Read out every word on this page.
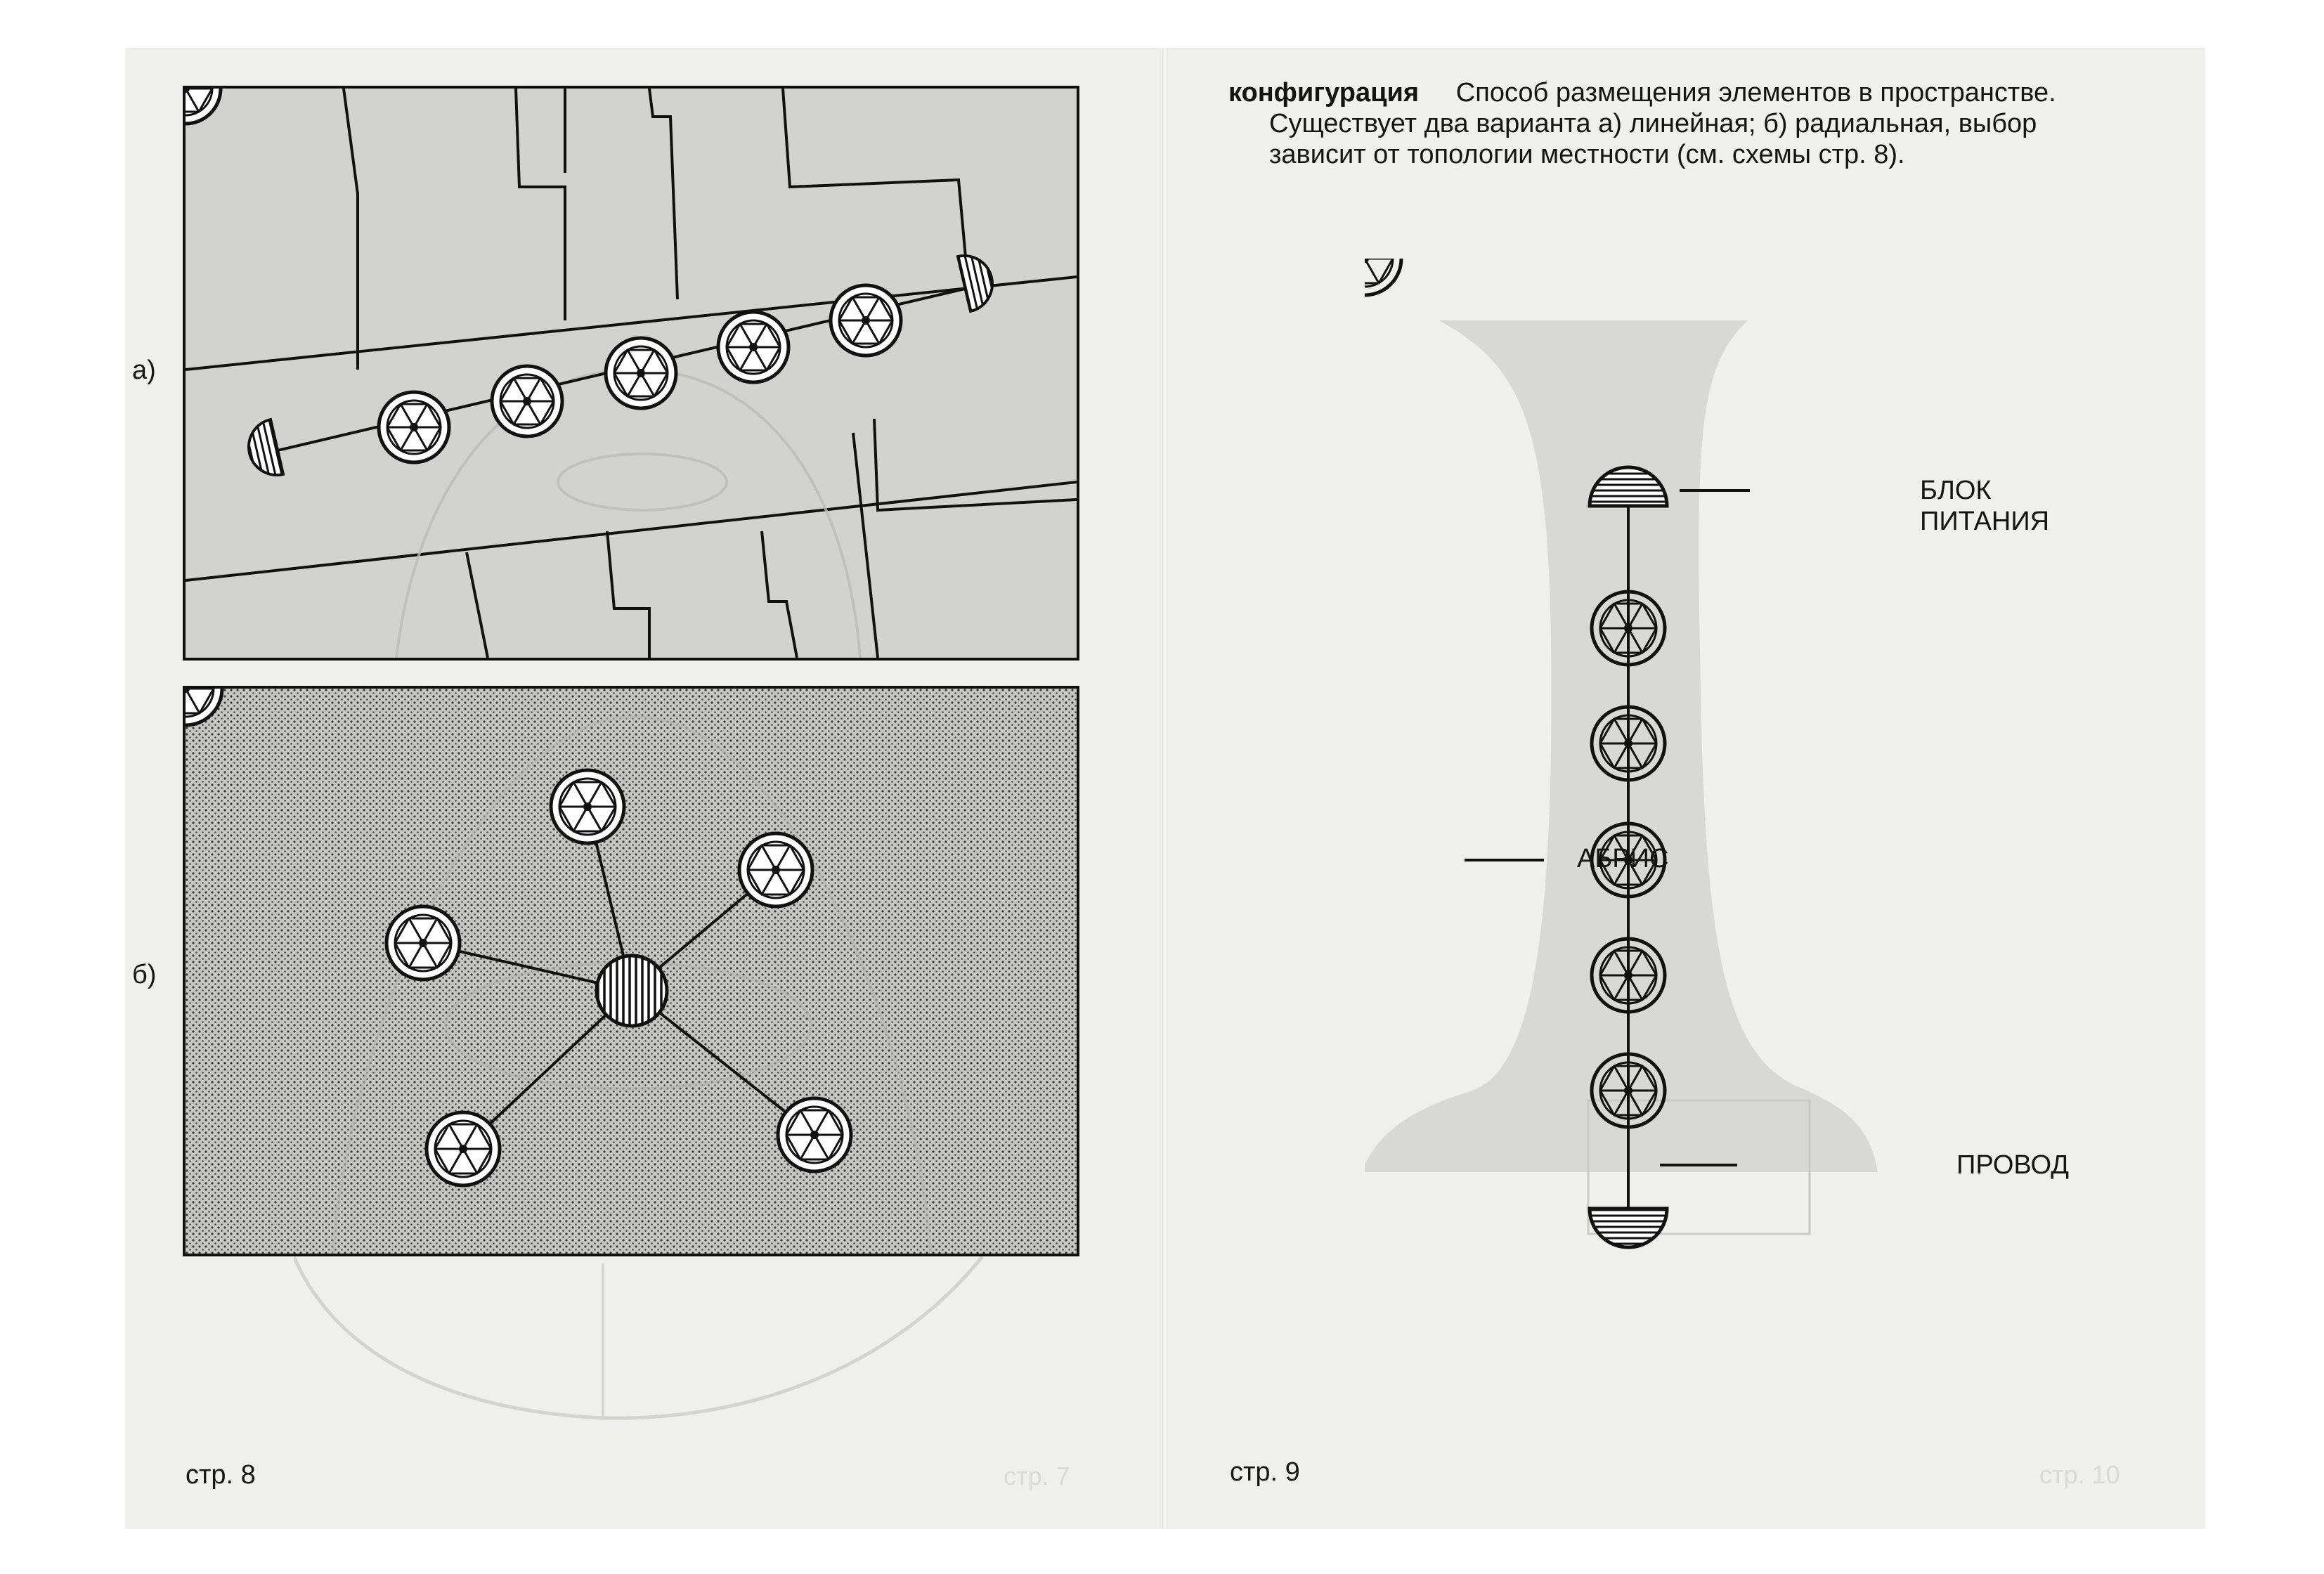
а)
б)
стр. 8	стр. 7
конфигурация Способ размещения элементов в пространстве.
Существует два варианта а) линейная; б) радиальная, выбор
зависит от топологии местности (см. схемы стр. 8).
БЛОК
ПИТАНИЯ
АБРИС
ПРОВОД
стр. 9	стр. 10
